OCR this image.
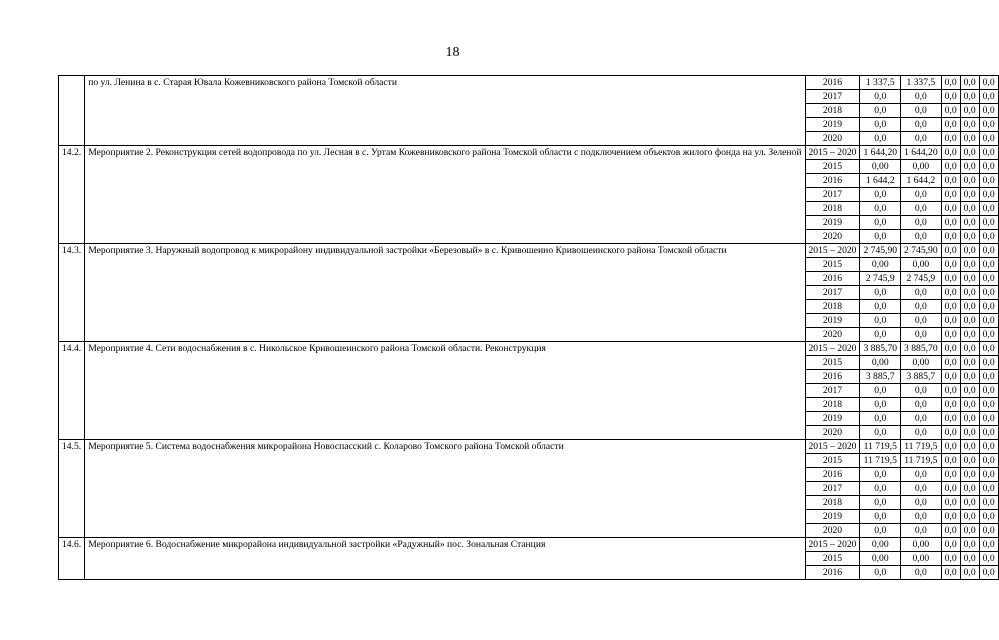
18
	по ул. Ленина в с. Старая Ювала Кожевниковского района Томской области	2016	1 337,5	1 337,5	0,0	0,0	0,0
		2017	0,0	0,0	0,0	0,0	0,0
		2018	0,0	0,0	0,0	0,0	0,0
		2019	0,0	0,0	0,0	0,0	0,0
		2020	0,0	0,0	0,0	0,0	0,0
14.2.	Мероприятие 2. Реконструкция сетей водопровода по ул. Лесная в с. Уртам Кожевниковского района Томской области с подключением объектов жилого фонда на ул. Зеленой	2015 – 2020	1 644,20	1 644,20	0,0	0,0	0,0
		2015	0,00	0,00	0,0	0,0	0,0
		2016	1 644,2	1 644,2	0,0	0,0	0,0
		2017	0,0	0,0	0,0	0,0	0,0
		2018	0,0	0,0	0,0	0,0	0,0
		2019	0,0	0,0	0,0	0,0	0,0
		2020	0,0	0,0	0,0	0,0	0,0
14.3.	Мероприятие 3. Наружный водопровод к микрорайону индивидуальной застройки «Березовый» в с. Кривошеино Кривошеинского района Томской области	2015 – 2020	2 745,90	2 745,90	0,0	0,0	0,0
		2015	0,00	0,00	0,0	0,0	0,0
		2016	2 745,9	2 745,9	0,0	0,0	0,0
		2017	0,0	0,0	0,0	0,0	0,0
		2018	0,0	0,0	0,0	0,0	0,0
		2019	0,0	0,0	0,0	0,0	0,0
		2020	0,0	0,0	0,0	0,0	0,0
14.4.	Мероприятие 4. Сети водоснабжения в с. Никольское Кривошеинского района Томской области. Реконструкция	2015 – 2020	3 885,70	3 885,70	0,0	0,0	0,0
		2015	0,00	0,00	0,0	0,0	0,0
		2016	3 885,7	3 885,7	0,0	0,0	0,0
		2017	0,0	0,0	0,0	0,0	0,0
		2018	0,0	0,0	0,0	0,0	0,0
		2019	0,0	0,0	0,0	0,0	0,0
		2020	0,0	0,0	0,0	0,0	0,0
14.5.	Мероприятие 5. Система водоснабжения микрорайона Новоспасский с. Коларово Томского района Томской области	2015 – 2020	11 719,5	11 719,5	0,0	0,0	0,0
		2015	11 719,5	11 719,5	0,0	0,0	0,0
		2016	0,0	0,0	0,0	0,0	0,0
		2017	0,0	0,0	0,0	0,0	0,0
		2018	0,0	0,0	0,0	0,0	0,0
		2019	0,0	0,0	0,0	0,0	0,0
		2020	0,0	0,0	0,0	0,0	0,0
14.6.	Мероприятие 6. Водоснабжение микрорайона индивидуальной застройки «Радужный» пос. Зональная Станция	2015 – 2020	0,00	0,00	0,0	0,0	0,0
		2015	0,00	0,00	0,0	0,0	0,0
		2016	0,0	0,0	0,0	0,0	0,0
